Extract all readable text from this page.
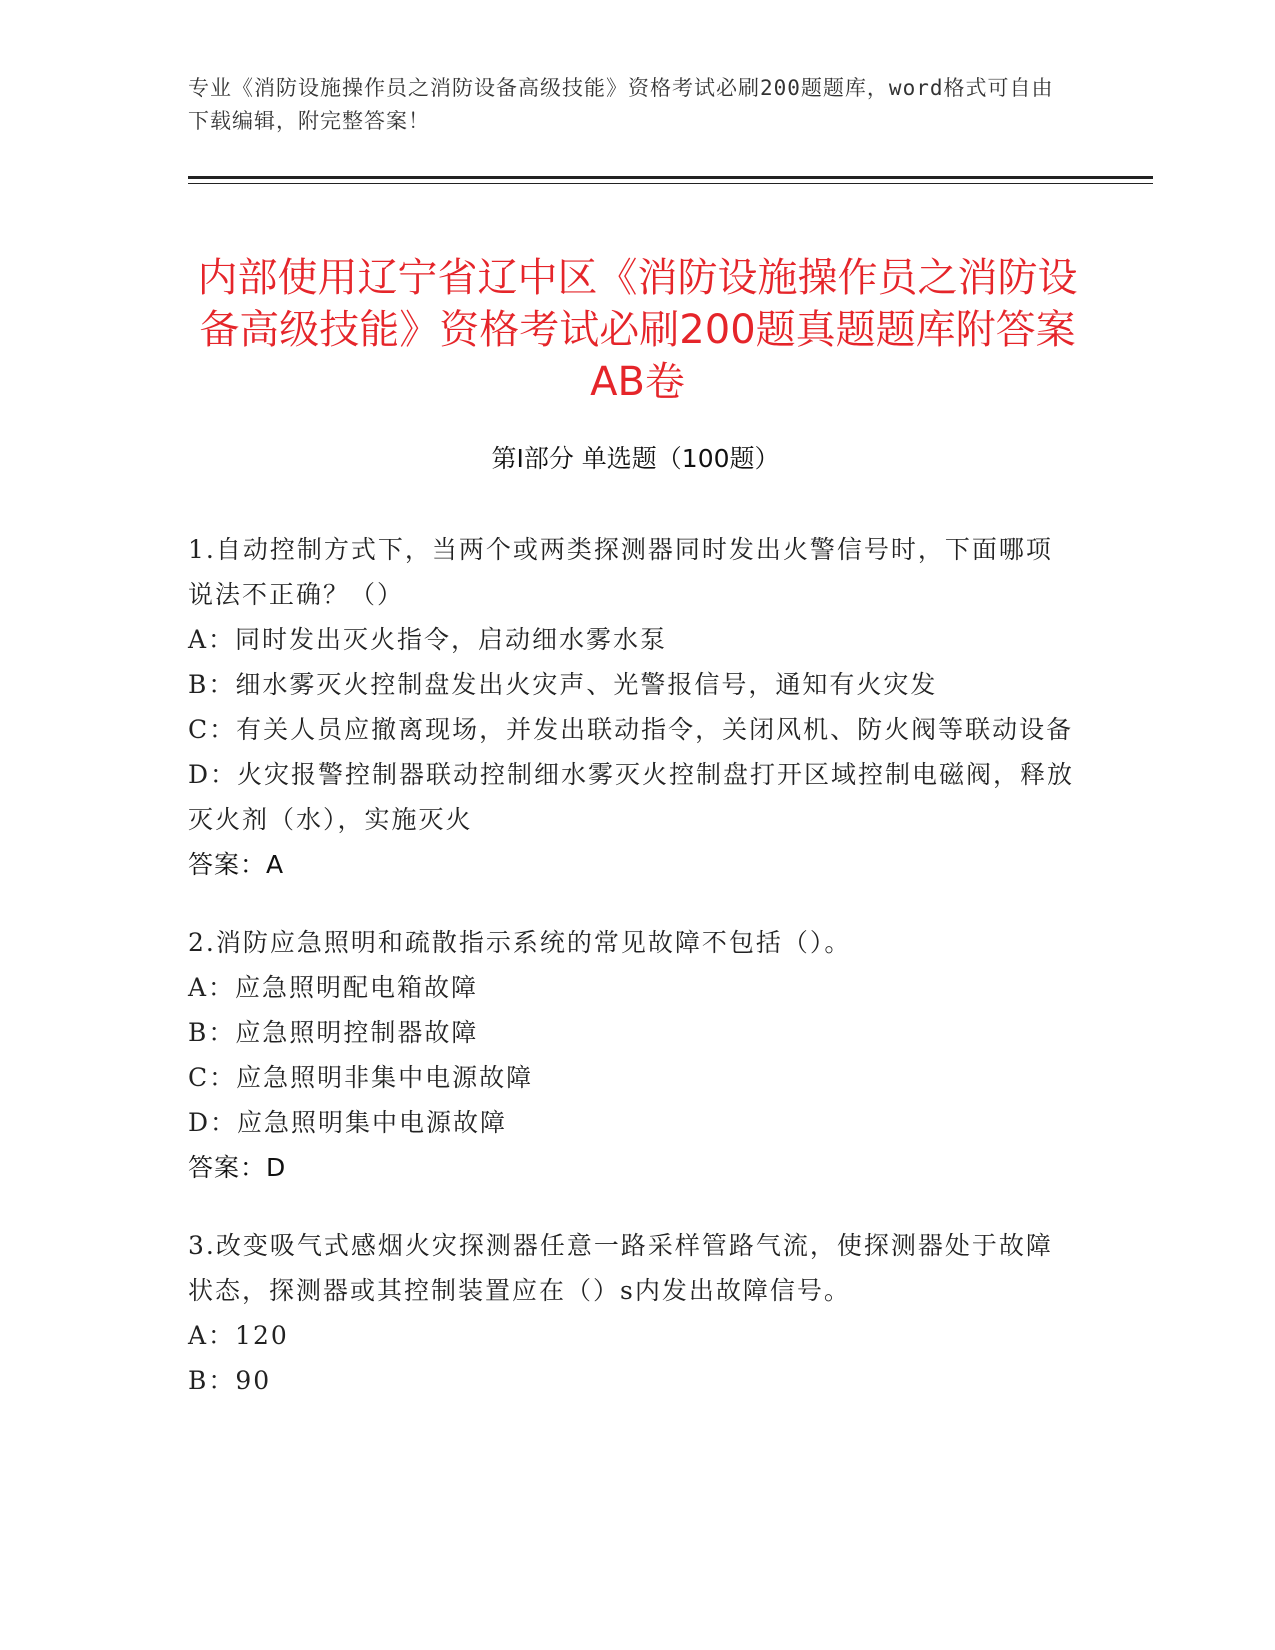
专业《消防设施操作员之消防设备高级技能》资格考试必刷200题题库，word格式可自由下载编辑，附完整答案！
内部使用辽宁省辽中区《消防设施操作员之消防设备高级技能》资格考试必刷200题真题题库附答案AB卷
第Ⅰ部分 单选题（100题）
1.自动控制方式下，当两个或两类探测器同时发出火警信号时，下面哪项说法不正确？（）
A：同时发出灭火指令，启动细水雾水泵
B：细水雾灭火控制盘发出火灾声、光警报信号，通知有火灾发
C：有关人员应撤离现场，并发出联动指令，关闭风机、防火阀等联动设备
D：火灾报警控制器联动控制细水雾灭火控制盘打开区域控制电磁阀，释放灭火剂（水），实施灭火
答案：A
2.消防应急照明和疏散指示系统的常见故障不包括（）。
A：应急照明配电箱故障
B：应急照明控制器故障
C：应急照明非集中电源故障
D：应急照明集中电源故障
答案：D
3.改变吸气式感烟火灾探测器任意一路采样管路气流，使探测器处于故障状态，探测器或其控制装置应在（）s内发出故障信号。
A：120
B：90
